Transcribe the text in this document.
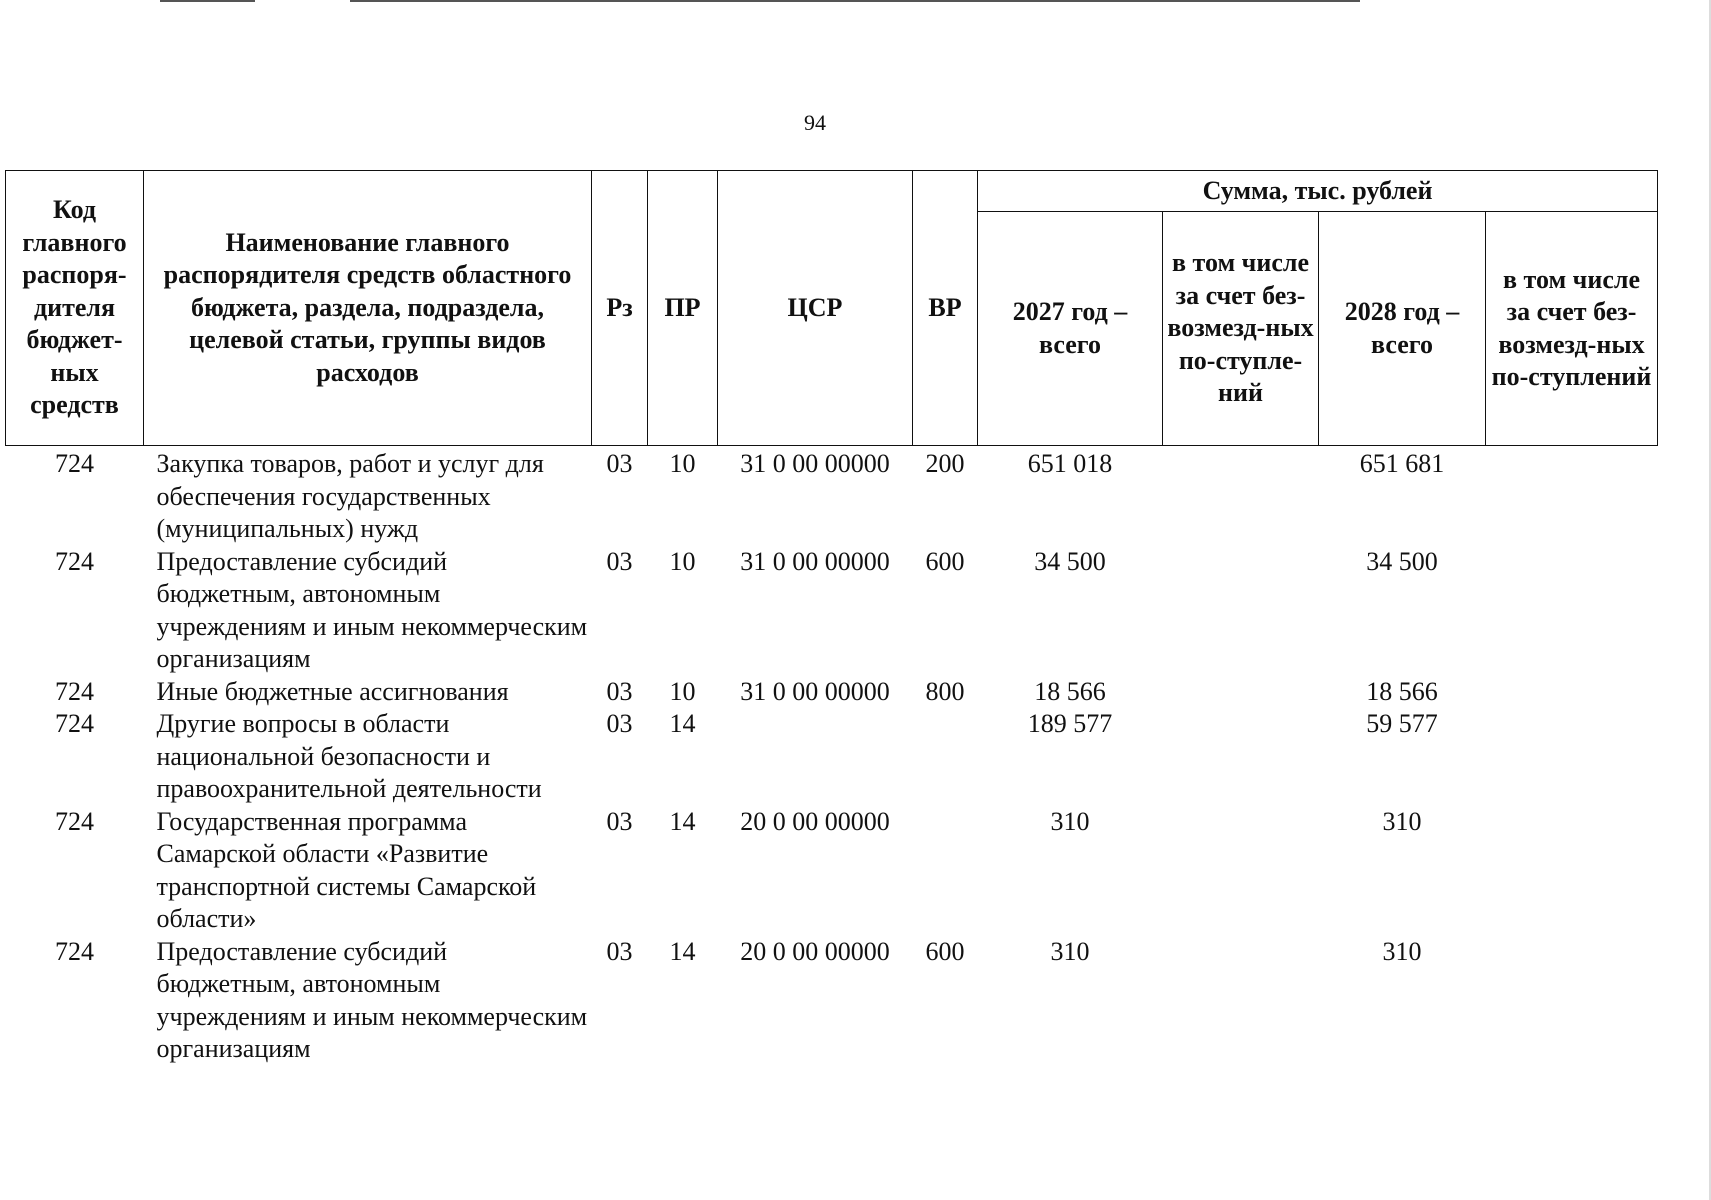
94
Код главного распоря-дителя бюджет-ных средств	Наименование главного распорядителя средств областного бюджета, раздела, подраздела, целевой статьи, группы видов расходов	Рз	ПР	ЦСР	ВР	Сумма, тыс. рублей			
						2027 год – всего	в том числе за счет без-возмезд-ных по-ступле-ний	2028 год – всего	в том числе за счет без-возмезд-ных по-ступлений
724	Закупка товаров, работ и услуг для обеспечения государственных (муниципальных) нужд	03	10	31 0 00 00000	200	651 018		651 681	
724	Предоставление субсидий бюджетным, автономным учреждениям и иным некоммерческим организациям	03	10	31 0 00 00000	600	34 500		34 500	
724	Иные бюджетные ассигнования	03	10	31 0 00 00000	800	18 566		18 566	
724	Другие вопросы в области национальной безопасности и правоохранительной деятельности	03	14			189 577		59 577	
724	Государственная программа Самарской области «Развитие транспортной системы Самарской области»	03	14	20 0 00 00000		310		310	
724	Предоставление субсидий бюджетным, автономным учреждениям и иным некоммерческим организациям	03	14	20 0 00 00000	600	310		310	
